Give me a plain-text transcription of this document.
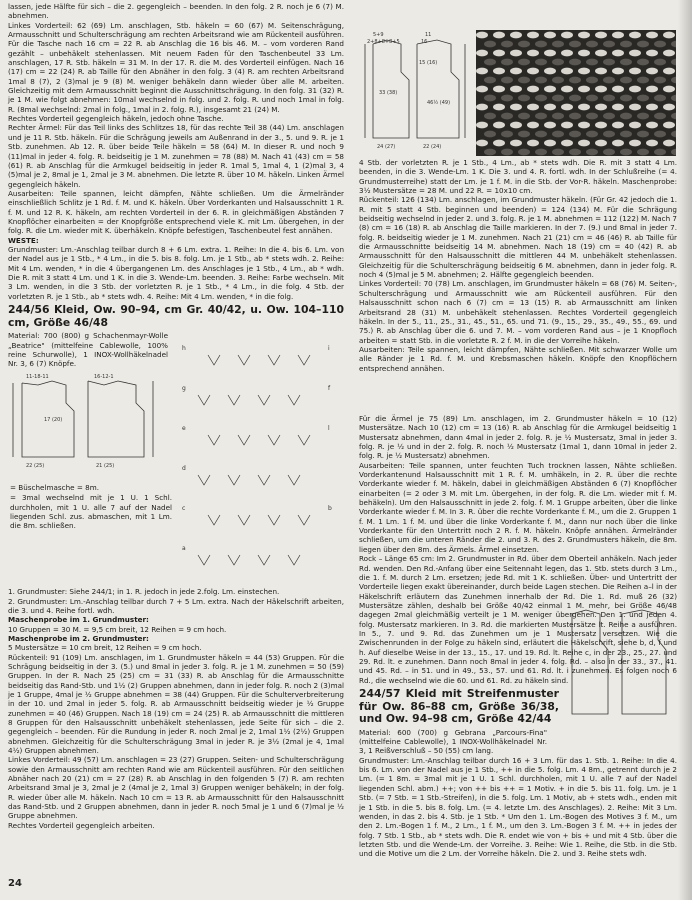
lassen, jede Hälfte für sich – die 2. gegengleich – beenden. In den folg. 2 R. noch je 6 (7) M. abnehmen.

Linkes Vorderteil: 62 (69) Lm. anschlagen, Stb. häkeln = 60 (67) M. Seitenschrägung, Armausschnitt und Schulterschrägung am rechten Arbeitsrand wie am Rückenteil ausführen. Für die Tasche nach 16 cm = 22 R. ab Anschlag die 16 bis 46. M. – vom vorderen Rand gezählt – unbehäkelt stehenlassen. Mit neuem Faden für den Taschenbeutel 33 Lm. anschlagen, 17 R. Stb. häkeln = 31 M. In der 17. R. die M. des Vorderteil einfügen. Nach 16 (17) cm = 22 (24) R. ab Taille für den Abnäher in den folg. 3 (4) R. am rechten Arbeitsrand 1mal 8 (7), 2 (3)mal je 9 (8) M. weniger behäkeln dann wieder über alle M. arbeiten. Gleichzeitig mit dem Armausschnitt beginnt die Ausschnittschrägung. In den folg. 31 (32) R. je 1 M. wie folgt abnehmen: 10mal wechselnd in folg. und 2. folg. R. und noch 1mal in folg. R. (8mal wechselnd: 2mal in folg., 1mal in 2. folg. R.), insgesamt 21 (24) M.

Rechtes Vorderteil gegengleich häkeln, jedoch ohne Tasche.

Rechter Ärmel: Für das Teil links des Schlitzes 18, für das rechte Teil 38 (44) Lm. anschlagen und je 11 R. Stb. häkeln. Für die Schrägung jeweils am Außenrand in der 3., 5. und 9. R. je 1 Stb. zunehmen. Ab 12. R. über beide Teile häkeln = 58 (64) M. In dieser R. und noch 9 (11)mal in jeder 4. folg. R. beidseitig je 1 M. zunehmen = 78 (88) M. Nach 41 (43) cm = 58 (61) R. ab Anschlag für die Armkugel beidseitig in jeder R. 1mal 5, 1mal 4, 1 (2)mal 3, 4 (5)mal je 2, 8mal je 1, 2mal je 3 M. abnehmen. Die letzte R. über 10 M. häkeln. Linken Ärmel gegengleich häkeln.

Ausarbeiten: Teile spannen, leicht dämpfen, Nähte schließen. Um die Ärmelränder einschließlich Schlitz je 1 Rd. f. M. und K. häkeln. Über Vorderkanten und Halsausschnitt 1 R. f. M. und 12 R. K. häkeln, am rechten Vorderteil in der 6. R. in gleichmäßigen Abständen 7 Knopflöcher einarbeiten = der Knopfgröße entsprechend viele K. mit Lm. übergehen, in der folg. R. die Lm. wieder mit K. überhäkeln. Knöpfe befestigen, Taschenbeutel fest annähen.

WESTE:

Grundmuster: Lm.-Anschlag teilbar durch 8 + 6 Lm. extra. 1. Reihe: In die 4. bis 6. Lm. von der Nadel aus je 1 Stb., * 4 Lm., in die 5. bis 8. folg. Lm. je 1 Stb., ab * stets wdh. 2. Reihe: Mit 4 Lm. wenden, * in die 4 übergangenen Lm. des Anschlages je 1 Stb., 4 Lm., ab * wdh. Die R. mit 3 statt 4 Lm. und 1 K. in die 3. Wende-Lm. beenden. 3. Reihe: Farbe wechseln. Mit 3 Lm. wenden, in die 3 Stb. der vorletzten R. je 1 Stb., * 4 Lm., in die folg. 4 Stb. der vorletzten R. je 1 Stb., ab * stets wdh. 4. Reihe: Mit 4 Lm. wenden, * in die folg.

244/56 Kleid, Ow. 90–94, cm Gr. 40/42, u. Ow. 104–110 cm, Größe 46/48

Material: 700 (800) g Schachenmayr-Wolle „Beatrice" (mittelfeine Cablewolle, 100% reine Schurwolle), 1 INOX-Wollhäkelnadel Nr. 3, 6 (7) Knöpfe.

11-18-11	16-12-1
22 (25)	21 (25)
17 (20)
h
g
e
d
c
a
i
f
l
b

= Büschelmasche = 8m.

= 3mal wechselnd mit je 1 U. 1 Schl. durchholen, mit 1 U. alle 7 auf der Nadel liegenden Schl. zus. abmaschen, mit 1 Lm. die 8m. schließen.

1. Grundmuster: Siehe 244/1; in 1. R. jedoch in jede 2.folg. Lm. einstechen.

2. Grundmuster: Lm.-Anschlag teilbar durch 7 + 5 Lm. extra. Nach der Häkelschrift arbeiten, die 3. und 4. Reihe fortl. wdh.

Maschenprobe im 1. Grundmuster:

10 Gruppen = 30 M. = 9,5 cm breit, 12 Reihen = 9 cm hoch.

Maschenprobe im 2. Grundmuster:

5 Mustersätze = 10 cm breit, 12 Reihen = 9 cm hoch.

Rückenteil: 91 (109) Lm. anschlagen, im 1. Grundmuster häkeln = 44 (53) Gruppen. Für die Schrägung beidseitig in der 3. (5.) und 8mal in jeder 3. folg. R. je 1 M. zunehmen = 50 (59) Gruppen. In der R. Nach 25 (25) cm = 31 (33) R. ab Anschlag für die Armausschnitte beidseitig das Rand-Stb. und 1½ (2) Gruppen abnehmen, dann in jeder folg. R. noch 2 (3)mal je 1 Gruppe, 4mal je ½ Gruppe abnehmen = 38 (44) Gruppen. Für die Schulterverbreiterung in der 10. und 2mal in jeder 5. folg. R. ab Armausschnitt beidseitig wieder je ½ Gruppe zunehmen = 40 (46) Gruppen. Nach 18 (19) cm = 24 (25) R. ab Armausschnitt die mittleren 8 Gruppen für den Halsausschnitt unbehäkelt stehenlassen, jede Seite für sich – die 2. gegengleich – beenden. Für die Rundung in jeder R. noch 2mal je 2, 1mal 1½ (2½) Gruppen abnehmen. Gleichzeitig für die Schulterschrägung 3mal in jeder R. je 3½ (2mal je 4, 1mal 4½) Gruppen abnehmen.

Linkes Vorderteil: 49 (57) Lm. anschlagen = 23 (27) Gruppen. Seiten- und Schulterschrägung sowie den Armausschnitt am rechten Rand wie am Rückenteil ausführen. Für den seitlichen Abnäher nach 20 (21) cm = 27 (28) R. ab Anschlag in den folgenden 5 (7) R. am rechten Arbeitsrand 3mal je 3, 2mal je 2 (4mal je 2, 1mal 3) Gruppen weniger behäkeln; in der folg. R. wieder über alle M. häkeln. Nach 10 cm = 13 R. ab Armausschnitt für den Halsausschnitt das Rand-Stb. und 2 Gruppen abnehmen, dann in jeder R. noch 5mal je 1 und 6 (7)mal je ½ Gruppe abnehmen.

Rechtes Vorderteil gegengleich arbeiten.

5+9	11
2+8+8+8+5	16
33 (38)
15 (16)
46½ (49)
24 (27)	22 (24)

4 Stb. der vorletzten R. je 1 Stb., 4 Lm., ab * stets wdh. Die R. mit 3 statt 4 Lm. beenden, in die 3. Wende-Lm. 1 K. Die 3. und 4. R. fortl. wdh. In der Schlußreihe (= 4. Grundmusterreihe) statt der Lm. je 1 f. M. in die Stb. der Vor-R. häkeln. Maschenprobe: 3½ Mustersätze = 28 M. und 22 R. = 10x10 cm.

Rückenteil: 126 (134) Lm. anschlagen, im Grundmuster häkeln. (Für Gr. 42 jedoch die 1. R. mit 5 statt 4 Stb. beginnen und beenden) = 124 (134) M. Für die Schrägung beidseitig wechselnd in jeder 2. und 3. folg. R. je 1 M. abnehmen = 112 (122) M. Nach 7 (8) cm = 16 (18) R. ab Anschlag die Taille markieren. In der 7. (9.) und 8mal in jeder 7. folg. R. beidseitig wieder je 1 M. zunehmen. Nach 21 (21) cm = 46 (46) R. ab Taille für die Armausschnitte beidseitig 14 M. abnehmen. Nach 18 (19) cm = 40 (42) R. ab Armausschnitt für den Halsausschnitt die mittleren 44 M. unbehäkelt stehenlassen. Gleichzeitig für die Schulterschrägung beidseitig 6 M. abnehmen, dann in jeder folg. R. noch 4 (5)mal je 5 M. abnehmen; 2. Hälfte gegengleich beenden.

Linkes Vorderteil: 70 (78) Lm. anschlagen, im Grundmuster häkeln = 68 (76) M. Seiten-, Schulterschrägung und Armausschnitt wie am Rückenteil ausführen. Für den Halsausschnitt schon nach 6 (7) cm = 13 (15) R. ab Armausschnitt am linken Arbeitsrand 28 (31) M. unbehäkelt stehenlassen. Rechtes Vorderteil gegengleich häkeln. In der 5., 11., 25., 31., 45., 51., 65. und 71. (9., 15., 29., 35., 49., 55., 69. und 75.) R. ab Anschlag über die 6. und 7. M. – vom vorderen Rand aus – je 1 Knopfloch arbeiten = statt Stb. in die vorletzte R. 2 f. M. in die der Vorreihe häkeln.

Ausarbeiten: Teile spannen, leicht dämpfen, Nähte schließen. Mit schwarzer Wolle um alle Ränder je 1 Rd. f. M. und Krebsmaschen häkeln. Knöpfe den Knopflöchern entsprechend annähen.

Für die Ärmel je 75 (89) Lm. anschlagen, im 2. Grundmuster häkeln = 10 (12) Mustersätze. Nach 10 (12) cm = 13 (16) R. ab Anschlag für die Armkugel beidseitig 1 Mustersatz abnehmen, dann 4mal in jeder 2. folg. R. je ½ Mustersatz, 3mal in jeder 3. folg. R. je ½ und in der 2. folg. R. noch ½ Mustersatz (1mal 1, dann 10mal in jeder 2. folg. R. je ½ Mustersatz) abnehmen.

Ausarbeiten: Teile spannen, unter feuchten Tuch trocknen lassen, Nähte schließen. Vorderkantenund Halsausschnitt mit 1 R. f. M. umhäkeln, in 2. R. über die rechte Vorderkante wieder f. M. häkeln, dabei in gleichmäßigen Abständen 6 (7) Knopflöcher einarbeiten (= 2 oder 3 M. mit Lm. übergehen, in der folg. R. die Lm. wieder mit f. M. behäkeln). Um den Halsausschnitt in jede 2. folg. f. M. 1 Gruppe arbeiten, über die linke Vorderkante wieder f. M. In 3. R. über die rechte Vorderkante f. M., um die 2. Gruppen 1 f. M. 1 Lm. 1 f. M. und über die linke Vorderkante f. M., dann nur noch über die linke Vorderkante für den Untertritt noch 2 R. f. M. häkeln. Knöpfe annähen. Ärmelränder schließen, um die unteren Ränder die 2. und 3. R. des 2. Grundmusters häkeln, die 8m. liegen über den 8m. des Ärmels. Ärmel einsetzen.

Rock – Länge 65 cm: Im 2. Grundmuster in Rd. über dem Oberteil anhäkeln. Nach jeder Rd. wenden. Den Rd.-Anfang über eine Seitennaht legen, das 1. Stb. stets durch 3 Lm., die 1. f. M. durch 2 Lm. ersetzen; jede Rd. mit 1 K. schließen. Über- und Untertritt der Vorderteile liegen exakt übereinander, durch beide Lagen stechen. Die Reihen a–l in der Häkelschrift erläutern das Zunehmen innerhalb der Rd. Die 1. Rd. muß 26 (32) Mustersätze zählen, deshalb bei Größe 40/42 einmal 1 M. mehr, bei Größe 46/48 dagegen 2mal gleichmäßig verteilt je 1 M. weniger übergehen. Den 1. und jeden 4. folg. Mustersatz markieren. In 3. Rd. die markierten Mustersätze lt. Reihe a ausführen. In 5., 7. und 9. Rd. das Zunehmen um je 1 Mustersatz versetzen. Wie die Zwischenrunden in der Folge zu häkeln sind, erläutert die Häkelschrift, siehe b, d, f und h. Auf dieselbe Weise in der 13., 15., 17. und 19. Rd. lt. Reihe c, in der 23., 25., 27. und 29. Rd. lt. e zunehmen. Dann noch 8mal in jeder 4. folg. Rd. – also in der 33., 37., 41. und 45. Rd. – in 51. und in 49., 53., 57. und 61. Rd. lt. i zunehmen. Es folgen noch 6 Rd., die wechselnd wie die 60. und 61. Rd. zu häkeln sind.

244/57 Kleid mit Streifenmuster für Ow. 86–88 cm, Größe 36/38, und Ow. 94–98 cm, Größe 42/44

Material: 600 (700) g Gebrana „Parcours-Fina" (mittelfeine Cablewolle), 1 INOX-Wollhäkelnadel Nr. 3, 1 Reißverschluß – 50 (55) cm lang.

Grundmuster: Lm.-Anschlag teilbar durch 16 + 3 Lm. für das 1. Stb. 1. Reihe: In die 4. bis 6. Lm. von der Nadel aus je 1 Stb., ++ in die 5. folg. Lm. 4 8m., getrennt durch je 2 Lm. (= 1 8m. = 3mal mit je 1 U. 1 Schl. durchholen, mit 1 U. alle 7 auf der Nadel liegenden Schl. abm.) ++; von ++ bis ++ = 1 Motiv. + in die 5. bis 11. folg. Lm. je 1 Stb. (= 7 Stb. = 1 Stb.-Streifen), in die 5. folg. Lm. 1 Motiv, ab + stets wdh., enden mit je 1 Stb. in die 5. bis 8. folg. Lm. (= 4. letzte Lm. des Anschlages). 2. Reihe: Mit 3 Lm. wenden, in das 2. bis 4. Stb. je 1 Stb. * Um den 1. Lm.-Bogen des Motives 3 f. M., um den 2. Lm.-Bogen 1 f. M., 2 Lm., 1 f. M., um den 3. Lm.-Bogen 3 f. M. ++ in jedes der folg. 7 Stb. 1 Stb., ab * stets wdh. Die R. endet wie von + bis + und mit 4 Stb. über die letzten Stb. und die Wende-Lm. der Vorreihe. 3. Reihe: Wie 1. Reihe, die Stb. in die Stb. und die Motive um die 2 Lm. der Vorreihe häkeln. Die 2. und 3. Reihe stets wdh.

24
